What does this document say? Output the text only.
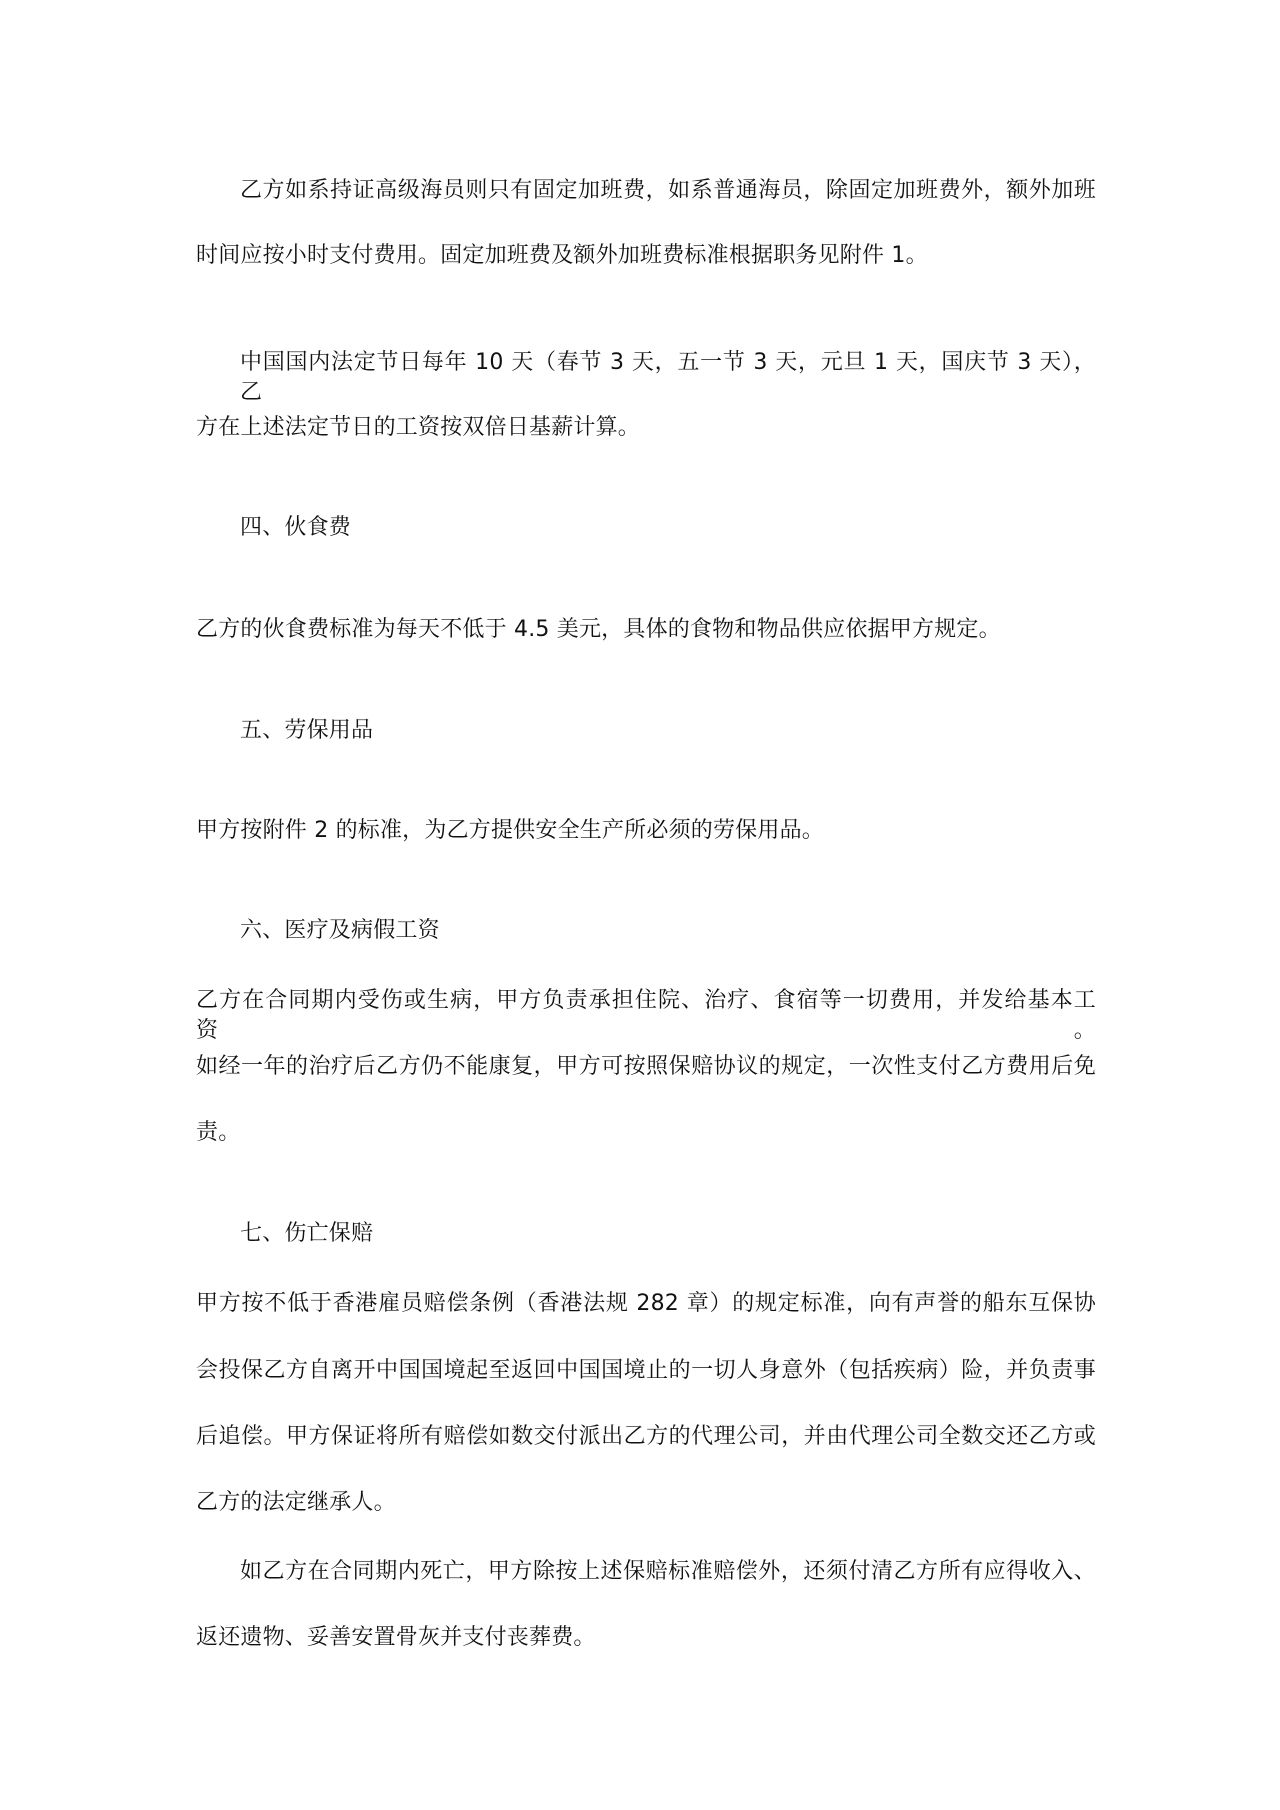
乙方如系持证高级海员则只有固定加班费，如系普通海员，除固定加班费外，额外加班
时间应按小时支付费用。固定加班费及额外加班费标准根据职务见附件 1。
中国国内法定节日每年 10 天（春节 3 天，五一节 3 天，元旦 1 天，国庆节 3 天），乙
方在上述法定节日的工资按双倍日基薪计算。
四、伙食费
乙方的伙食费标准为每天不低于 4.5 美元，具体的食物和物品供应依据甲方规定。
五、劳保用品
甲方按附件 2 的标准，为乙方提供安全生产所必须的劳保用品。
六、医疗及病假工资
乙方在合同期内受伤或生病，甲方负责承担住院、治疗、食宿等一切费用，并发给基本工资。
如经一年的治疗后乙方仍不能康复，甲方可按照保赔协议的规定，一次性支付乙方费用后免
责。
七、伤亡保赔
甲方按不低于香港雇员赔偿条例（香港法规 282 章）的规定标准，向有声誉的船东互保协
会投保乙方自离开中国国境起至返回中国国境止的一切人身意外（包括疾病）险，并负责事
后追偿。甲方保证将所有赔偿如数交付派出乙方的代理公司，并由代理公司全数交还乙方或
乙方的法定继承人。
如乙方在合同期内死亡，甲方除按上述保赔标准赔偿外，还须付清乙方所有应得收入、
返还遗物、妥善安置骨灰并支付丧葬费。
